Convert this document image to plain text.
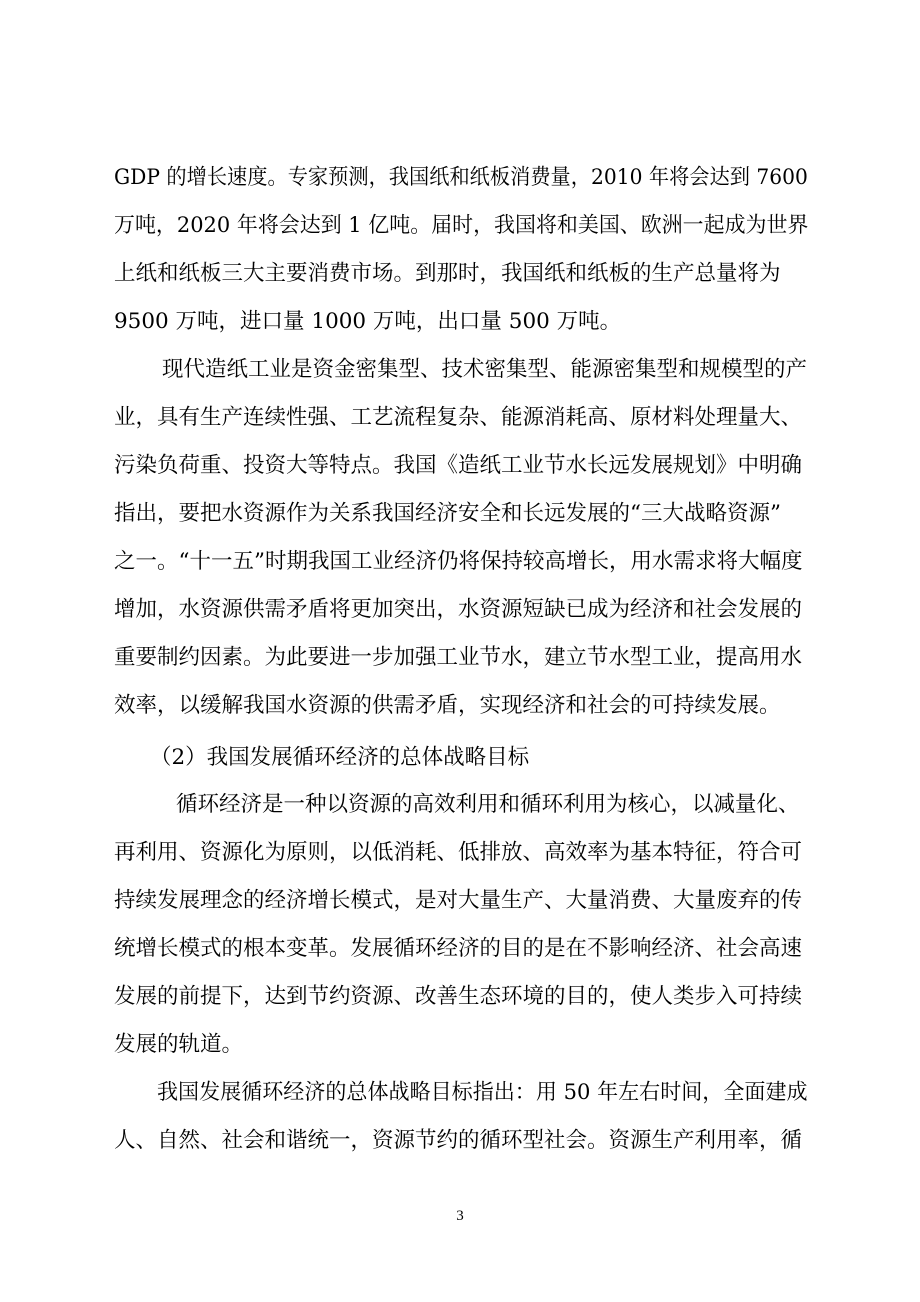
GDP 的增长速度。专家预测，我国纸和纸板消费量，2010 年将会达到 7600
万吨，2020 年将会达到 1 亿吨。届时，我国将和美国、欧洲一起成为世界
上纸和纸板三大主要消费市场。到那时，我国纸和纸板的生产总量将为
9500 万吨，进口量 1000 万吨，出口量 500 万吨。
现代造纸工业是资金密集型、技术密集型、能源密集型和规模型的产
业，具有生产连续性强、工艺流程复杂、能源消耗高、原材料处理量大、
污染负荷重、投资大等特点。我国《造纸工业节水长远发展规划》中明确
指出，要把水资源作为关系我国经济安全和长远发展的“三大战略资源”
之一。“十一五”时期我国工业经济仍将保持较高增长，用水需求将大幅度
增加，水资源供需矛盾将更加突出，水资源短缺已成为经济和社会发展的
重要制约因素。为此要进一步加强工业节水，建立节水型工业，提高用水
效率，以缓解我国水资源的供需矛盾，实现经济和社会的可持续发展。
（2）我国发展循环经济的总体战略目标
循环经济是一种以资源的高效利用和循环利用为核心，以减量化、
再利用、资源化为原则，以低消耗、低排放、高效率为基本特征，符合可
持续发展理念的经济增长模式，是对大量生产、大量消费、大量废弃的传
统增长模式的根本变革。发展循环经济的目的是在不影响经济、社会高速
发展的前提下，达到节约资源、改善生态环境的目的，使人类步入可持续
发展的轨道。
我国发展循环经济的总体战略目标指出：用 50 年左右时间，全面建成
人、自然、社会和谐统一，资源节约的循环型社会。资源生产利用率，循
3
